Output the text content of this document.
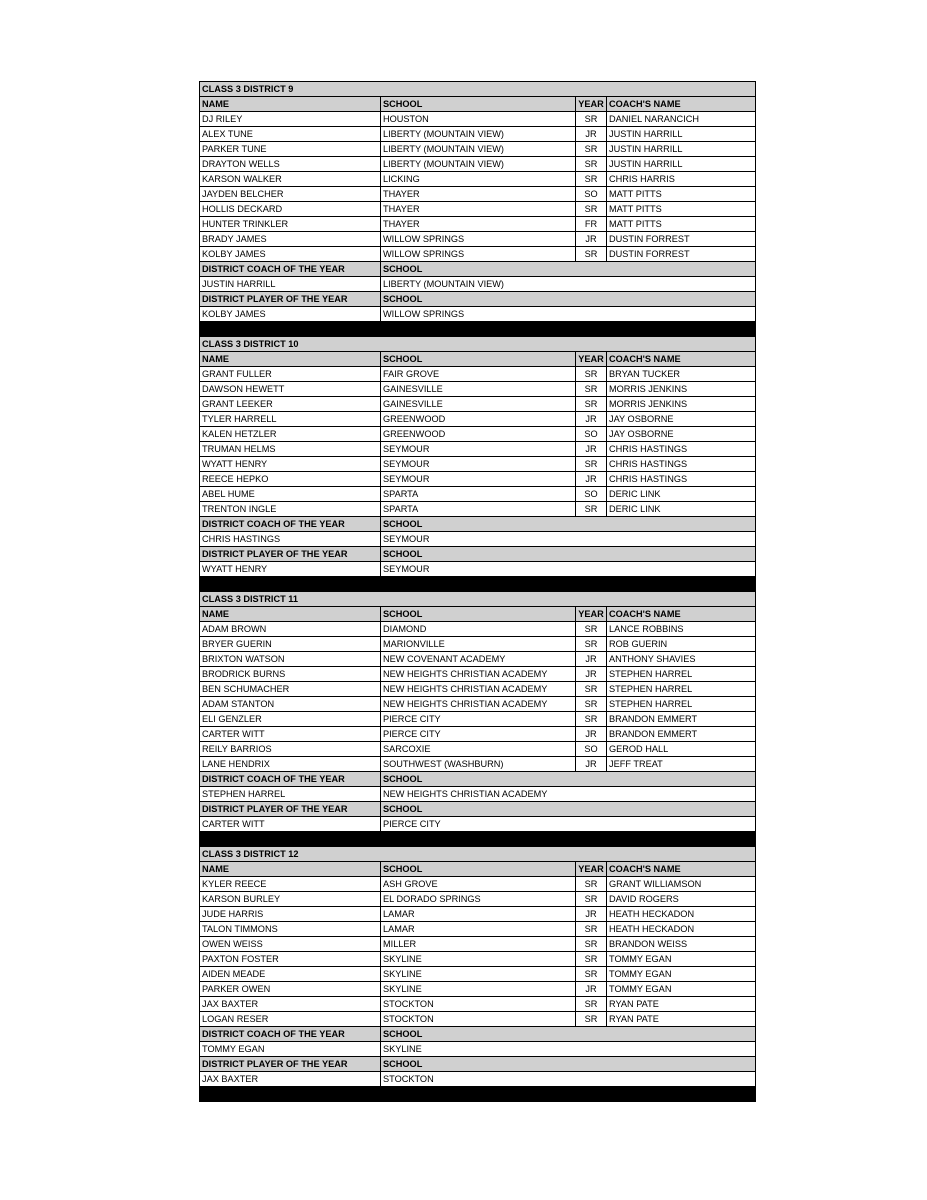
CLASS 3 DISTRICT 9			
NAME	SCHOOL	YEAR	COACH'S NAME
DJ RILEY	HOUSTON	SR	DANIEL NARANCICH
ALEX TUNE	LIBERTY (MOUNTAIN VIEW)	JR	JUSTIN HARRILL
PARKER TUNE	LIBERTY (MOUNTAIN VIEW)	SR	JUSTIN HARRILL
DRAYTON WELLS	LIBERTY (MOUNTAIN VIEW)	SR	JUSTIN HARRILL
KARSON WALKER	LICKING	SR	CHRIS HARRIS
JAYDEN BELCHER	THAYER	SO	MATT PITTS
HOLLIS DECKARD	THAYER	SR	MATT PITTS
HUNTER TRINKLER	THAYER	FR	MATT PITTS
BRADY JAMES	WILLOW SPRINGS	JR	DUSTIN FORREST
KOLBY JAMES	WILLOW SPRINGS	SR	DUSTIN FORREST
DISTRICT COACH OF THE YEAR	SCHOOL		
JUSTIN HARRILL	LIBERTY (MOUNTAIN VIEW)		
DISTRICT PLAYER OF THE YEAR	SCHOOL		
KOLBY JAMES	WILLOW SPRINGS		

CLASS 3 DISTRICT 10			
NAME	SCHOOL	YEAR	COACH'S NAME
GRANT FULLER	FAIR GROVE	SR	BRYAN TUCKER
DAWSON HEWETT	GAINESVILLE	SR	MORRIS JENKINS
GRANT LEEKER	GAINESVILLE	SR	MORRIS JENKINS
TYLER HARRELL	GREENWOOD	JR	JAY OSBORNE
KALEN HETZLER	GREENWOOD	SO	JAY OSBORNE
TRUMAN HELMS	SEYMOUR	JR	CHRIS HASTINGS
WYATT HENRY	SEYMOUR	SR	CHRIS HASTINGS
REECE HEPKO	SEYMOUR	JR	CHRIS HASTINGS
ABEL HUME	SPARTA	SO	DERIC LINK
TRENTON INGLE	SPARTA	SR	DERIC LINK
DISTRICT COACH OF THE YEAR	SCHOOL		
CHRIS HASTINGS	SEYMOUR		
DISTRICT PLAYER OF THE YEAR	SCHOOL		
WYATT HENRY	SEYMOUR		

CLASS 3 DISTRICT 11			
NAME	SCHOOL	YEAR	COACH'S NAME
ADAM BROWN	DIAMOND	SR	LANCE ROBBINS
BRYER GUERIN	MARIONVILLE	SR	ROB GUERIN
BRIXTON WATSON	NEW COVENANT ACADEMY	JR	ANTHONY SHAVIES
BRODRICK BURNS	NEW HEIGHTS CHRISTIAN ACADEMY	JR	STEPHEN HARREL
BEN SCHUMACHER	NEW HEIGHTS CHRISTIAN ACADEMY	SR	STEPHEN HARREL
ADAM STANTON	NEW HEIGHTS CHRISTIAN ACADEMY	SR	STEPHEN HARREL
ELI GENZLER	PIERCE CITY	SR	BRANDON EMMERT
CARTER WITT	PIERCE CITY	JR	BRANDON EMMERT
REILY BARRIOS	SARCOXIE	SO	GEROD HALL
LANE HENDRIX	SOUTHWEST (WASHBURN)	JR	JEFF TREAT
DISTRICT COACH OF THE YEAR	SCHOOL		
STEPHEN HARREL	NEW HEIGHTS CHRISTIAN ACADEMY		
DISTRICT PLAYER OF THE YEAR	SCHOOL		
CARTER WITT	PIERCE CITY		

CLASS 3 DISTRICT 12			
NAME	SCHOOL	YEAR	COACH'S NAME
KYLER REECE	ASH GROVE	SR	GRANT WILLIAMSON
KARSON BURLEY	EL DORADO SPRINGS	SR	DAVID ROGERS
JUDE HARRIS	LAMAR	JR	HEATH HECKADON
TALON TIMMONS	LAMAR	SR	HEATH HECKADON
OWEN WEISS	MILLER	SR	BRANDON WEISS
PAXTON FOSTER	SKYLINE	SR	TOMMY EGAN
AIDEN MEADE	SKYLINE	SR	TOMMY EGAN
PARKER OWEN	SKYLINE	JR	TOMMY EGAN
JAX BAXTER	STOCKTON	SR	RYAN PATE
LOGAN RESER	STOCKTON	SR	RYAN PATE
DISTRICT COACH OF THE YEAR	SCHOOL		
TOMMY EGAN	SKYLINE		
DISTRICT PLAYER OF THE YEAR	SCHOOL		
JAX BAXTER	STOCKTON		
